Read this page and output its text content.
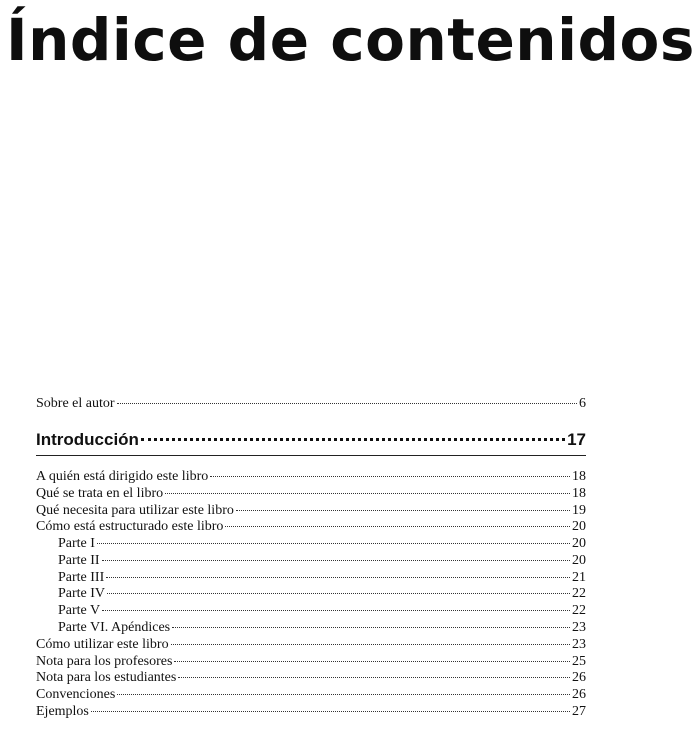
Índice de contenidos
Sobre el autor	6
Introducción	17
A quién está dirigido este libro	18
Qué se trata en el libro	18
Qué necesita para utilizar este libro	19
Cómo está estructurado este libro	20
Parte I	20
Parte II	20
Parte III	21
Parte IV	22
Parte V	22
Parte VI. Apéndices	23
Cómo utilizar este libro	23
Nota para los profesores	25
Nota para los estudiantes	26
Convenciones	26
Ejemplos	27
